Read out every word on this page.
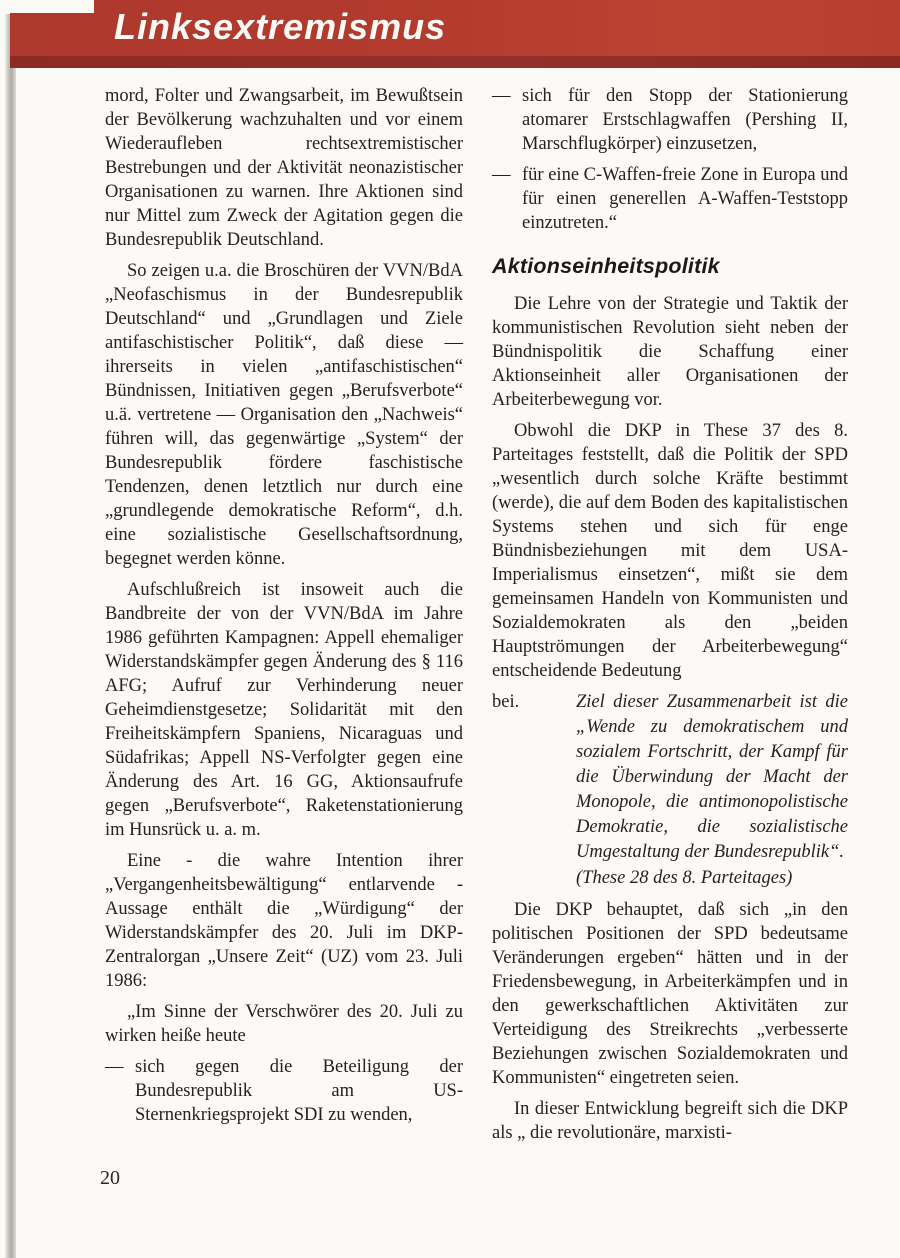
Linksextremismus

mord, Folter und Zwangsarbeit, im Bewußtsein der Bevölkerung wachzuhalten und vor einem Wiederaufleben rechtsextremistischer Bestrebungen und der Aktivität neonazistischer Organisationen zu warnen. Ihre Aktionen sind nur Mittel zum Zweck der Agitation gegen die Bundesrepublik Deutschland.

So zeigen u.a. die Broschüren der VVN/BdA „Neofaschismus in der Bundesrepublik Deutschland“ und „Grundlagen und Ziele antifaschistischer Politik“, daß diese — ihrerseits in vielen „antifaschistischen“ Bündnissen, Initiativen gegen „Berufsverbote“ u.ä. vertretene — Organisation den „Nachweis“ führen will, das gegenwärtige „System“ der Bundesrepublik fördere faschistische Tendenzen, denen letztlich nur durch eine „grundlegende demokratische Reform“, d.h. eine sozialistische Gesellschaftsordnung, begegnet werden könne.

Aufschlußreich ist insoweit auch die Bandbreite der von der VVN/BdA im Jahre 1986 geführten Kampagnen: Appell ehemaliger Widerstandskämpfer gegen Änderung des § 116 AFG; Aufruf zur Verhinderung neuer Geheimdienstgesetze; Solidarität mit den Freiheitskämpfern Spaniens, Nicaraguas und Südafrikas; Appell NS-Verfolgter gegen eine Änderung des Art. 16 GG, Aktionsaufrufe gegen „Berufsverbote“, Raketenstationierung im Hunsrück u. a. m.

Eine - die wahre Intention ihrer „Vergangenheitsbewältigung“ entlarvende - Aussage enthält die „Würdigung“ der Widerstandskämpfer des 20. Juli im DKP-Zentralorgan „Unsere Zeit“ (UZ) vom 23. Juli 1986:

„Im Sinne der Verschwörer des 20. Juli zu wirken heiße heute

— sich gegen die Beteiligung der Bundesrepublik am US-Sternenkriegsprojekt SDI zu wenden,
— sich für den Stopp der Stationierung atomarer Erstschlagwaffen (Pershing II, Marschflugkörper) einzusetzen,
— für eine C-Waffen-freie Zone in Europa und für einen generellen A-Waffen-Teststopp einzutreten.“
Aktionseinheitspolitik

Die Lehre von der Strategie und Taktik der kommunistischen Revolution sieht neben der Bündnispolitik die Schaffung einer Aktionseinheit aller Organisationen der Arbeiterbewegung vor.

Obwohl die DKP in These 37 des 8. Parteitages feststellt, daß die Politik der SPD „wesentlich durch solche Kräfte bestimmt (werde), die auf dem Boden des kapitalistischen Systems stehen und sich für enge Bündnisbeziehungen mit dem USA-Imperialismus einsetzen“, mißt sie dem gemeinsamen Handeln von Kommunisten und Sozialdemokraten als den „beiden Hauptströmungen der Arbeiterbewegung“ entscheidende Bedeutung

bei.	Ziel dieser Zusammenarbeit ist die „Wende zu demokratischem und sozialem Fortschritt, der Kampf für die Überwindung der Macht der Monopole, die antimonopolistische Demokratie, die sozialistische Umgestaltung der Bundesrepublik“.

(These 28 des 8. Parteitages)

Die DKP behauptet, daß sich „in den politischen Positionen der SPD bedeutsame Veränderungen ergeben“ hätten und in der Friedensbewegung, in Arbeiterkämpfen und in den gewerkschaftlichen Aktivitäten zur Verteidigung des Streikrechts „verbesserte Beziehungen zwischen Sozialdemokraten und Kommunisten“ eingetreten seien.

In dieser Entwicklung begreift sich die DKP als „ die revolutionäre, marxisti-

20
